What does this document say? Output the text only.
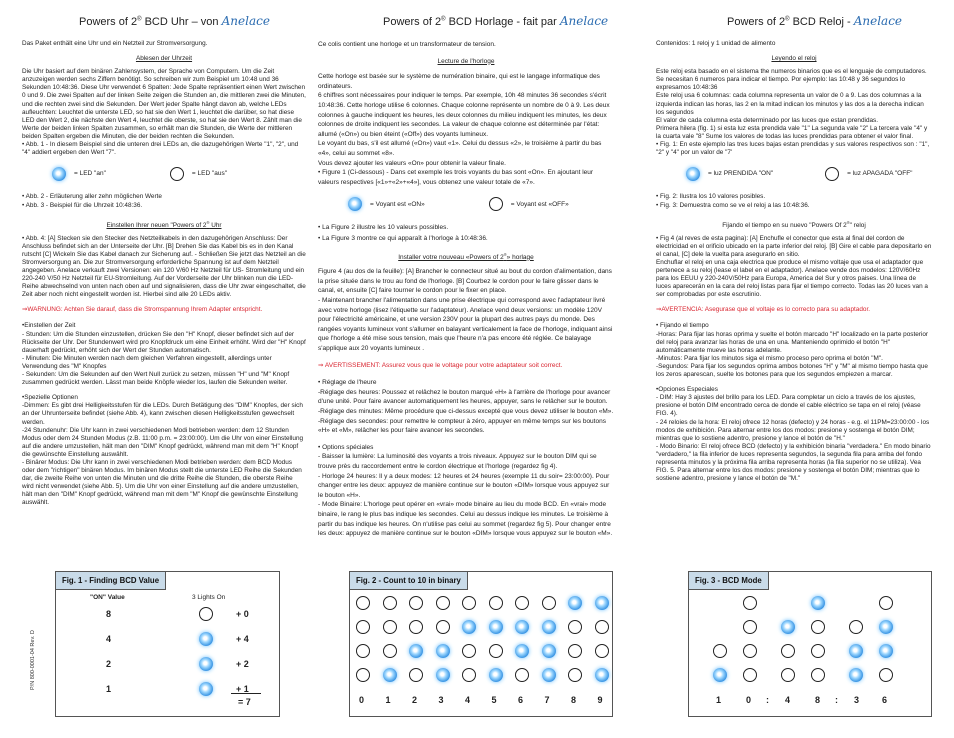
Powers of 2® BCD Uhr – von Anelace	Powers of 2® BCD Horlage - fait par Anelace	Powers of 2® BCD Reloj - Anelace

Das Paket enthält eine Uhr und ein Netzteil zur Stromversorgung.

Ablesen der Uhrzeit

Die Uhr basiert auf dem binären Zahlensystem, der Sprache von Computern. Um die Zeit anzuzeigen werden sechs Ziffern benötigt. So schreiben wir zum Beispiel um 10:48 und 36 Sekunden 10:48:36. Diese Uhr verwendet 6 Spalten: Jede Spalte repräsentiert einen Wert zwischen 0 und 9. Die zwei Spalten auf der linken Seite zeigen die Stunden an, die mittleren zwei die Minuten, und die rechten zwei sind die Sekunden. Der Wert jeder Spalte hängt davon ab, welche LEDs aufleuchten: Leuchtet die unterste LED, so hat sie den Wert 1, leuchtet die darüber, so hat diese LED den Wert 2, die nächste den Wert 4, leuchtet die oberste, so hat sie den Wert 8. Zählt man die Werte der beiden linken Spalten zusammen, so erhält man die Stunden, die Werte der mittleren beiden Spalten ergeben die Minuten, die der beiden rechten die Sekunden.

• Abb. 1 - In diesem Beispiel sind die unteren drei LEDs an, die dazugehörigen Werte "1", "2", und "4" addiert ergeben den Wert "7".

= LED "an"	= LED "aus"
• Abb. 2 - Erläuterung aller zehn möglichen Werte
• Abb. 3 - Beispiel für die Uhrzeit 10:48:36.
Einstellen Ihrer neuen "Powers of 2® Uhr

• Abb. 4: [A] Stecken sie den Stecker des Netzteilkabels in den dazugehörigen Anschluss: Der Anschluss befindet sich an der Unterseite der Uhr. [B] Drehen Sie das Kabel bis es in den Kanal rutscht [C] Wickeln Sie das Kabel danach zur Sicherung auf. - Schließen Sie jetzt das Netzteil an die Stromversorgung an. Die zur Stromversorgung erforderliche Spannung ist auf dem Netzteil angegeben. Anelace verkauft zwei Versionen: ein 120 V/60 Hz Netzteil für US- Stromleitung und ein 220-240 V/50 Hz Netzteil für EU-Stromleitung. Auf der Vorderseite der Uhr blinken nun die LED- Reihe abwechselnd von unten nach oben auf und signalisieren, dass die Uhr zwar eingeschaltet, die Zeit aber noch nicht eingestellt worden ist. Hierbei sind alle 20 LEDs aktiv.

⇒WARNUNG: Achten Sie darauf, dass die Stromspannung Ihrem Adapter entspricht.

•Einstellen der Zeit
- Stunden: Um die Stunden einzustellen, drücken Sie den "H" Knopf, dieser befindet sich auf der Rückseite der Uhr. Der Stundenwert wird pro Knopfdruck um eine Einheit erhöht. Wird der "H" Knopf dauerhaft gedrückt, erhöht sich der Wert der Stunden automatisch.
- Minuten: Die Minuten werden nach dem gleichen Verfahren eingestellt, allerdings unter Verwendung des "M" Knopfes
- Sekunden: Um die Sekunden auf den Wert Null zurück zu setzen, müssen "H" und "M" Knopf zusammen gedrückt werden. Lässt man beide Knöpfe wieder los, laufen die Sekunden weiter.

•Spezielle Optionen
-Dimmen: Es gibt drei Helligkeitsstufen für die LEDs. Durch Betätigung des "DIM" Knopfes, der sich an der Uhrunterseite befindet (siehe Abb. 4), kann zwischen diesen Helligkeitsstufen gewechselt werden.
-24 Stundenuhr: Die Uhr kann in zwei verschiedenen Modi betrieben werden: dem 12 Stunden Modus oder dem 24 Stunden Modus (z.B. 11:00 p.m. = 23:00:00). Um die Uhr von einer Einstellung auf die andere umzustellen, hält man den "DIM" Knopf gedrückt, während man mit dem "H" Knopf die gewünschte Einstellung auswählt.
- Binärer Modus: Die Uhr kann in zwei verschiedenen Modi betrieben werden: dem BCD Modus oder dem "richtigen" binären Modus. Im binären Modus stellt die unterste LED Reihe die Sekunden dar, die zweite Reihe von unten die Minuten und die dritte Reihe die Stunden, die oberste Reihe wird nicht verwendet (siehe Abb. 5). Um die Uhr von einer Einstellung auf die andere umzustellen, hält man den "DIM" Knopf gedrückt, während man mit dem "M" Knopf die gewünschte Einstellung auswählt.

Ce colis contient une horloge et un transformateur de tension.

Lecture de l'horloge

Cette horloge est basée sur le système de numération binaire, qui est le langage informatique des ordinateurs.
6 chiffres sont nécessaires pour indiquer le temps. Par exemple, 10h 48 minutes 36 secondes s'écrit 10:48:36. Cette horloge utilise 6 colonnes. Chaque colonne représente un nombre de 0 à 9. Les deux colonnes à gauche indiquent les heures, les deux colonnes du milieu indiquent les minutes, les deux colonnes de droite indiquent les secondes. La valeur de chaque colonne est déterminée par l'état: allumé («On») ou bien éteint («Off») des voyants lumineux.
Le voyant du bas, s'il est allumé («On») vaut «1». Celui du dessus «2», le troisième à partir du bas «4», celui au sommet «8».
Vous devez ajouter les valeurs «On» pour obtenir la valeur finale.

• Figure 1 (Ci-dessous) - Dans cet exemple les trois voyants du bas sont «On». En ajoutant leur valeurs respectives [«1»+«2»+«4»], vous obtenez une valeur totale de «7».

= Voyant est «ON»	= Voyant est «OFF»
• La Figure 2 illustre les 10 valeurs possibles.
• La Figure 3 montre ce qui apparaît à l'horloge à 10:48:36.
Installer votre nouveau «Powers of 2®» horlage

Figure 4 (au dos de la feuille): [A] Brancher le connecteur situé au bout du cordon d'alimentation, dans la prise située dans le trou au fond de l'horloge. [B] Courbez le cordon pour le faire glisser dans le canal, et, ensuite [C] faire tourner le cordon pour le fixer en place.
- Maintenant brancher l'alimentation dans une prise électrique qui correspond avec l'adaptateur livré avec votre horloge (lisez l'étiquette sur l'adaptateur). Anelace vend deux versions: un modèle 120V pour l'électricité américaine, et une version 230V pour la plupart des autres pays du monde. Des rangées voyants lumineux vont s'allumer en balayant verticalement la face de l'horloge, indiquant ainsi que l'horloge a été mise sous tension, mais que l'heure n'a pas encore été réglée. Ce balayage s'applique aux 20 voyants lumineux .

⇒ AVERTISSEMENT: Assurez vous que le voltage pour votre adaptateur soit correct.

• Réglage de l'heure
-Réglage des heures: Poussez et relâchez le bouton marqué «H» à l'arrière de l'horloge pour avancer d'une unité. Pour faire avancer automatiquement les heures, appuyer, sans le relâcher sur le bouton.
-Réglage des minutes: Même procédure que ci-dessus excepté que vous devez utiliser le bouton «M».
-Réglage des secondes: pour remettre le compteur à zéro, appuyer en même temps sur les boutons «H» et «M», relâcher les pour faire avancer les secondes.

• Options spéciales
- Baisser la lumière: La luminosité des voyants a trois niveaux. Appuyez sur le bouton DIM qui se trouve près du raccordement entre le cordon électrique et l'horloge (regardez fig 4).
- Horloge 24 heures: Il y a deux modes: 12 heures et 24 heures (exemple 11 du soir= 23:00:00). Pour changer entre les deux: appuyez de manière continue sur le bouton «DIM» lorsque vous appuyez sur le bouton «H».
- Mode Binaire: L'horloge peut opérer en «vrai» mode binaire au lieu du mode BCD. En «vrai» mode binaire, le rang le plus bas indique les secondes. Celui au dessus indique les minutes. Le troisième à partir du bas indique les heures. On n'utilise pas celui au sommet (regardez fig 5). Pour changer entre les deux: appuyez de manière continue sur le bouton «DIM» lorsque vous appuyez sur le bouton «M».

Contenidos: 1 reloj y 1 unidad de alimento

Leyendo el reloj

Este reloj esta basado en el sistema the numeros binarios que es el lenguaje de computadores.
Se necesitan 6 numeros para indicar el tiempo. Por ejemplo: las 10:48 y 36 segundos lo expresamos 10:48:36
Este reloj usa 6 columnas: cada columna representa un valor de 0 a 9. Las dos columnas a la izquierda indican las horas, las 2 en la mitad indican los minutos y las dos a la derecha indican los segundos
El valor de cada columna esta determinado por las luces que estan prendidas.
Primera hilera (fig. 1) si esta luz esta prendida vale "1" La segunda vale "2" La tercera vale "4" y la cuarta vale "8" Sume los valores de todas las luces prendidas para obtener el valor final.

• Fig. 1: En este ejemplo las tres luces bajas estan prendidas y sus valores respectivos son : "1", "2" y "4" por un valor de "7'

= luz PRENDIDA "ON"	= luz APAGADA "OFF"
• Fig. 2: Ilustra los 10 valores posibles.
• Fig. 3: Demuestra como se ve el reloj a las 10:48:36.
Fijando el tiempo en su nuevo "Powers Of 2®" reloj

• Fig 4 (al reves de esta pagina): [A] Enchufle el conector que esta al final del cordon de electricidad en el orificio ubicado en la parte inferior del reloj. [B] Gire el cable para depositarlo en el canal, [C] dele la vuelta para asegurarlo en sitio.
Enchuflar el reloj en una caja electrica que produce el mismo voltaje que usa el adaptador que pertenece a su reloj (lease el label en el adaptador). Anelace vende dos modelos: 120V/60Hz para los EEUU y 220-240V/50Hz para Europa, America del Sur y otros paises. Una línea de luces aparecerán en la cara del reloj listas para fijar el tiempo correcto. Todas las 20 luces van a ser comprobadas por este escrutinio.

⇒AVERTENCIA: Asegurase que el voltaje es lo correcto para su adaptador.

• Fijando el tiempo
-Horas: Para fijar las horas oprima y suelte el botón marcado "H" localizado en la parte posterior del reloj para avanzar las horas de una en una. Manteniendo oprimido el botón "H" automáticamente mueve las horas adelante.
-Minutos: Para fijar los minutos siga el mismo proceso pero oprima el botón "M".
-Segundos: Para fijar los segundos oprima ambos botones "H" y "M" al mismo tiempo hasta que los zeros aparescan, suelte los botones para que los segundos empiezen a marcar.

•Opciones Especiales
- DIM: Hay 3 ajustes del brillo para los LED. Para completar un ciclo a través de los ajustes, presione el botón DIM encontrado cerca de donde el cable eléctrico se tapa en el reloj (véase FIG. 4).
- 24 reloies de la hora: El reloj ofrece 12 horas (defecto) y 24 horas - e.g. el 11PM=23:00:00 - los modos de exhibición. Para alternar entre los dos modos: presione y sostenga el botón DIM; mientras que lo sostiene adentro, presione y lance el botón de "H."
- Modo Binario: El reloj ofrece BCD (defecto) y la exhibición binaria "verdadera." En modo binario "verdadero," la fila inferior de luces representa segundos, la segunda fila para arriba del fondo representa minutos y la próxima fila arriba representa horas (la fila superior no se utiliza). Vea FIG. 5. Para alternar entre los dos modos: presione y sostenga el botón DIM; mientras que lo sostiene adentro, presione y lance el botón de "M."

P/N 800-0001-04 Rev. D
Fig. 1 - Finding BCD Value
"ON" Value	3 Lights On
8	+ 0
4	+ 4
2	+ 2
1	+ 1
= 7
Fig. 2 - Count to 10 in binary
0 1 2 3 4 5 6 7 8 9
Fig. 3 - BCD Mode
1	0 : 4	8 : 3	6
